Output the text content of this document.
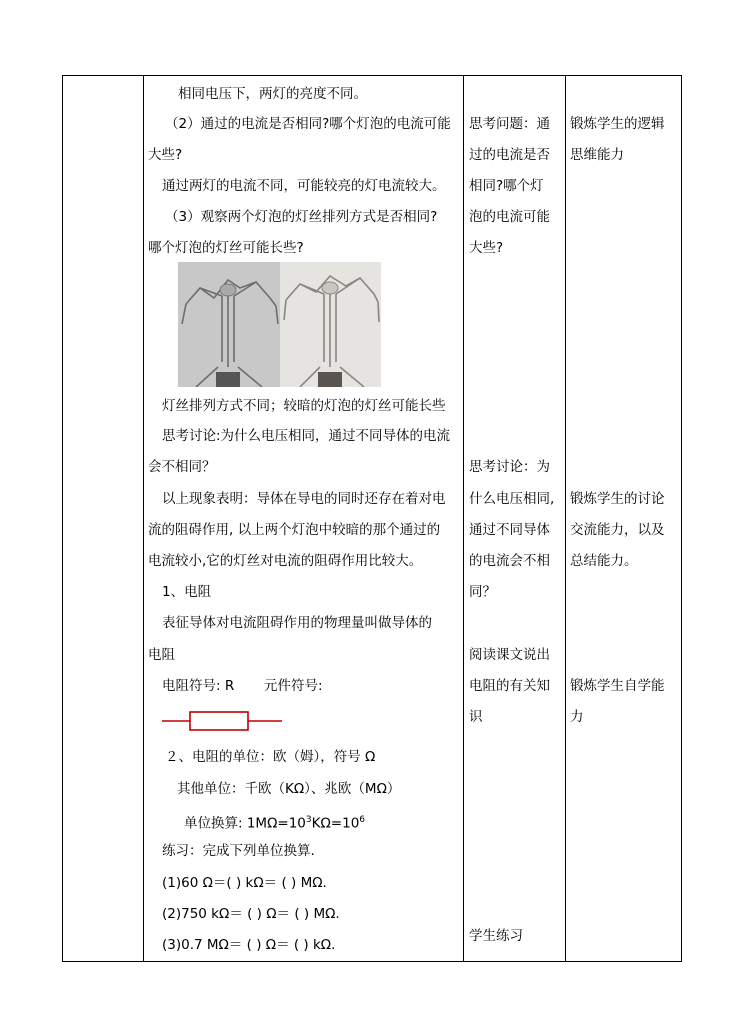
相同电压下，两灯的亮度不同。
（2）通过的电流是否相同?哪个灯泡的电流可能
大些?
通过两灯的电流不同，可能较亮的灯电流较大。
（3）观察两个灯泡的灯丝排列方式是否相同?
哪个灯泡的灯丝可能长些?
灯丝排列方式不同；较暗的灯泡的灯丝可能长些
思考讨论:为什么电压相同，通过不同导体的电流
会不相同？
以上现象表明：导体在导电的同时还存在着对电
流的阻碍作用, 以上两个灯泡中较暗的那个通过的
电流较小,它的灯丝对电流的阻碍作用比较大。
1、电阻
表征导体对电流阻碍作用的物理量叫做导体的
电阻
电阻符号: R 元件符号:
２、电阻的单位：欧（姆），符号 Ω
其他单位：千欧（KΩ）、兆欧（MΩ）
单位换算: $1M\Omega=10^3K\Omega=10^6$
练习：完成下列单位换算.
(1)60 Ω＝( ) kΩ＝ ( ) MΩ.
(2)750 kΩ＝ ( ) Ω＝ ( ) MΩ.
(3)0.7 MΩ＝ ( ) Ω＝ ( ) kΩ.
思考问题：通
过的电流是否
相同?哪个灯
泡的电流可能
大些?
思考讨论：为
什么电压相同,
通过不同导体
的电流会不相
同？
阅读课文说出
电阻的有关知
识
学生练习
锻炼学生的逻辑
思维能力
锻炼学生的讨论
交流能力，以及
总结能力。
锻炼学生自学能
力
